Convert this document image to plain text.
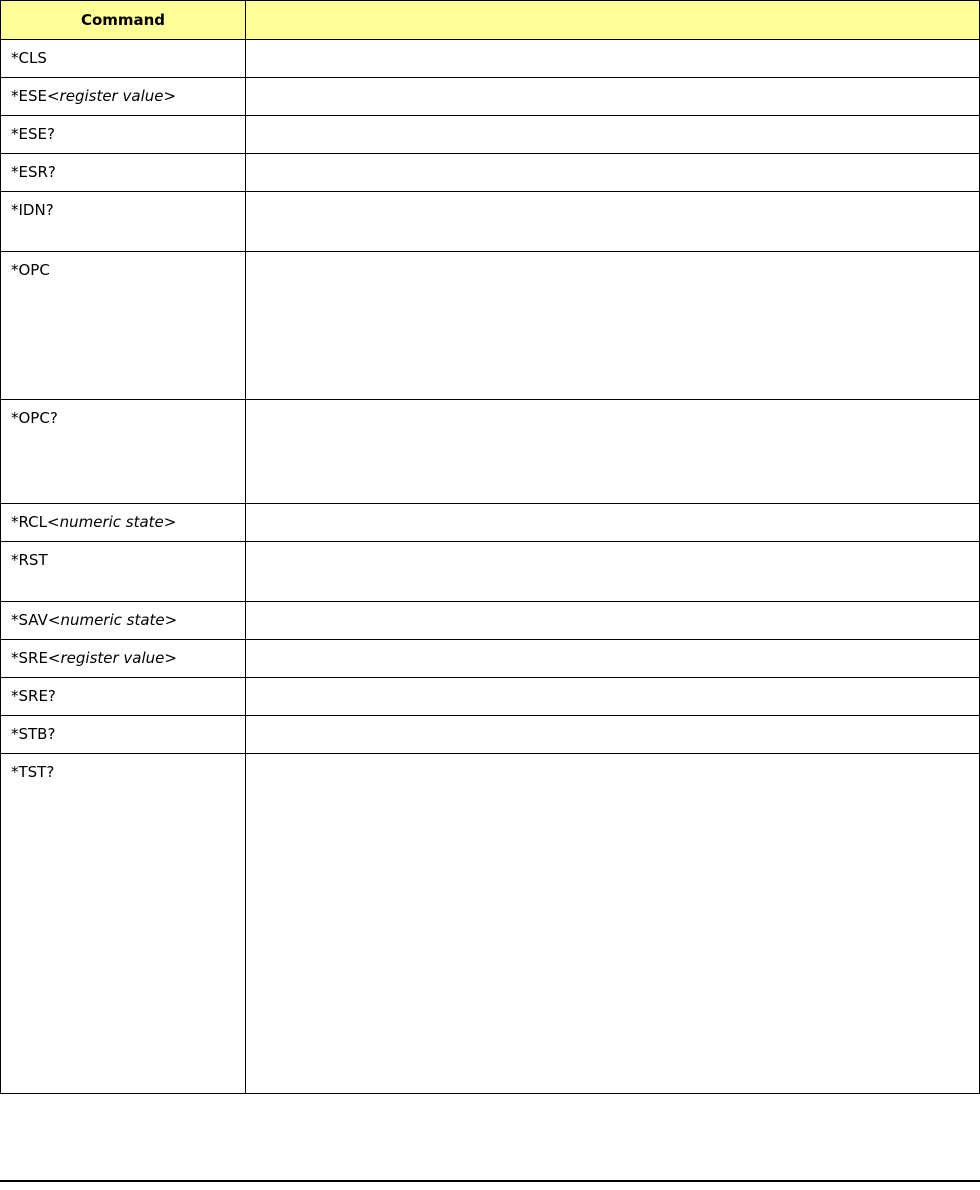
Command	
*CLS	
*ESE<register value>	
*ESE?	
*ESR?	
*IDN?	
*OPC	
*OPC?	
*RCL<numeric state>	
*RST	
*SAV<numeric state>	
*SRE<register value>	
*SRE?	
*STB?	
*TST?	
